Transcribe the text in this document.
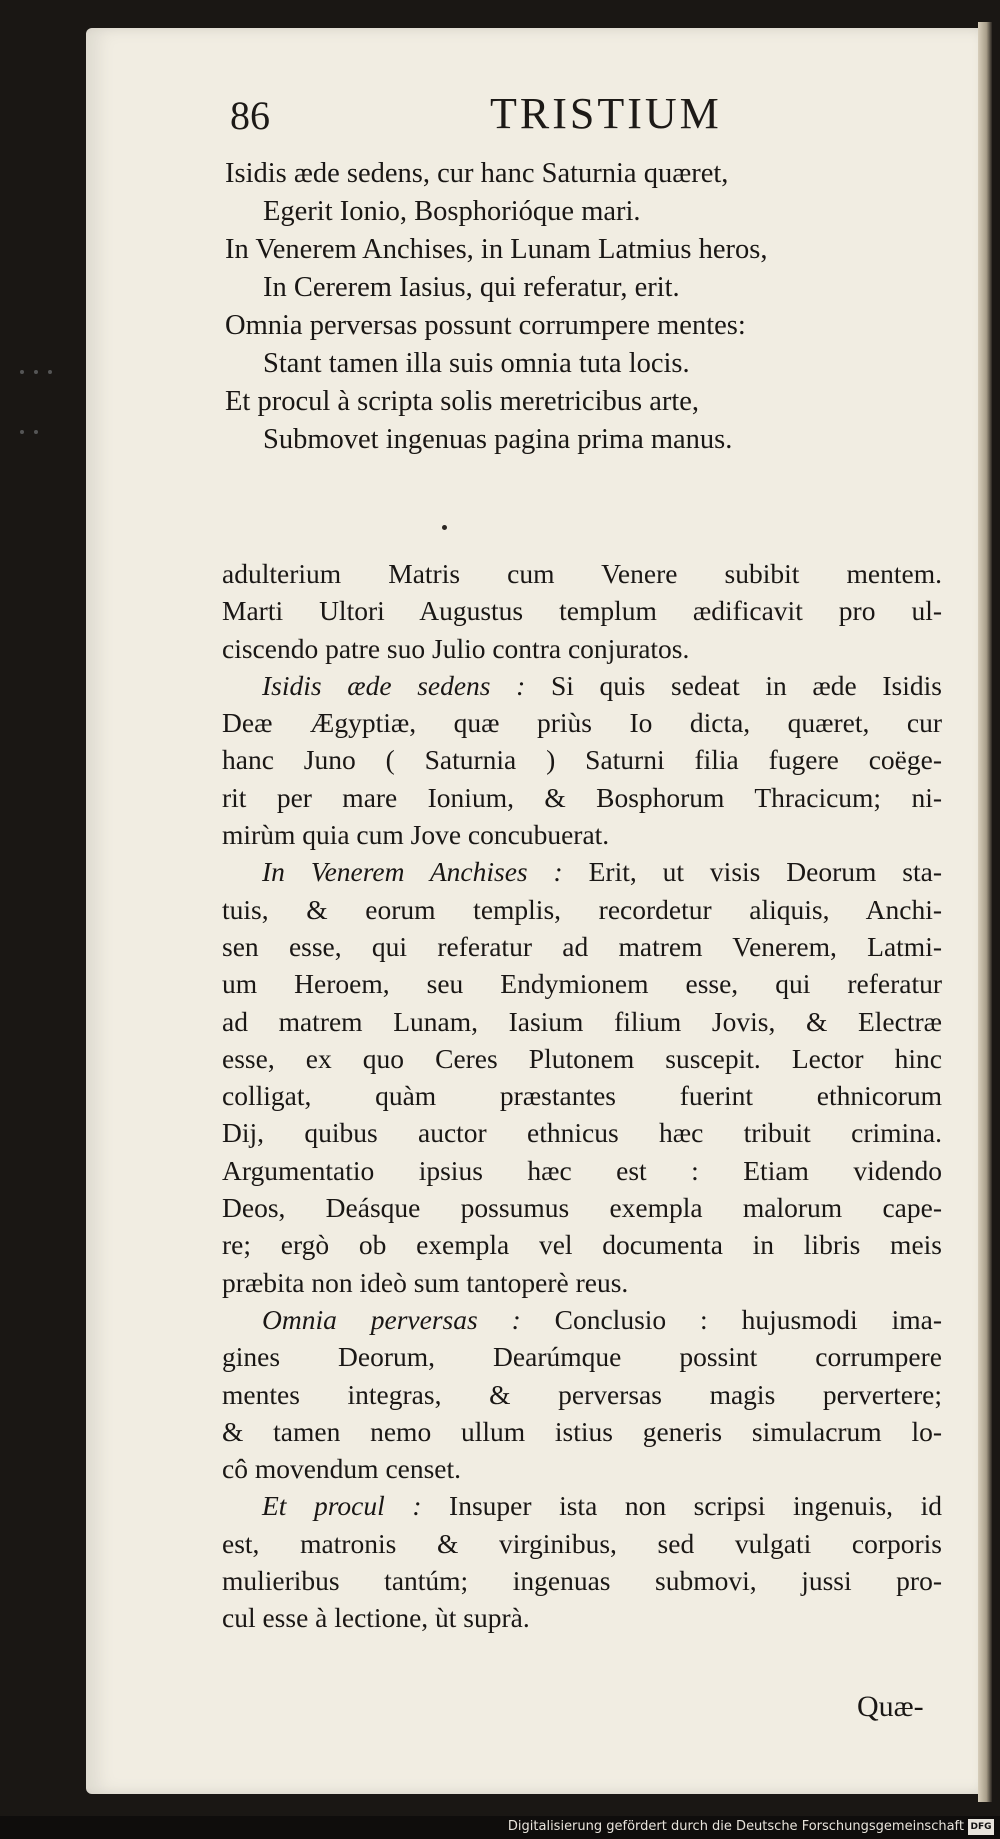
86	TRISTIUM
Isidis æde sedens, cur hanc Saturnia quæret,
Egerit Ionio, Bosphorióque mari.
In Venerem Anchises, in Lunam Latmius heros,
In Cererem Iasius, qui referatur, erit.
Omnia perversas possunt corrumpere mentes:
Stant tamen illa suis omnia tuta locis.
Et procul à scripta solis meretricibus arte,
Submovet ingenuas pagina prima manus.
adulterium Matris cum Venere subibit mentem.
Marti Ultori Augustus templum ædificavit pro ul-
ciscendo patre suo Julio contra conjuratos.
Isidis æde sedens : Si quis sedeat in æde Isidis
Deæ Ægyptiæ, quæ priùs Io dicta, quæret, cur
hanc Juno ( Saturnia ) Saturni filia fugere coëge-
rit per mare Ionium, & Bosphorum Thracicum; ni-
mirùm quia cum Jove concubuerat.
In Venerem Anchises : Erit, ut visis Deorum sta-
tuis, & eorum templis, recordetur aliquis, Anchi-
sen esse, qui referatur ad matrem Venerem, Latmi-
um Heroem, seu Endymionem esse, qui referatur
ad matrem Lunam, Iasium filium Jovis, & Electræ
esse, ex quo Ceres Plutonem suscepit. Lector hinc
colligat, quàm præstantes fuerint ethnicorum
Dij, quibus auctor ethnicus hæc tribuit crimina.
Argumentatio ipsius hæc est : Etiam videndo
Deos, Deásque possumus exempla malorum cape-
re; ergò ob exempla vel documenta in libris meis
præbita non ideò sum tantoperè reus.
Omnia perversas : Conclusio : hujusmodi ima-
gines Deorum, Dearúmque possint corrumpere
mentes integras, & perversas magis pervertere;
& tamen nemo ullum istius generis simulacrum lo-
cô movendum censet.
Et procul : Insuper ista non scripsi ingenuis, id
est, matronis & virginibus, sed vulgati corporis
mulieribus tantúm; ingenuas submovi, jussi pro-
cul esse à lectione, ùt suprà.
Quæ-
Digitalisierung gefördert durch die Deutsche Forschungsgemeinschaft DFG
